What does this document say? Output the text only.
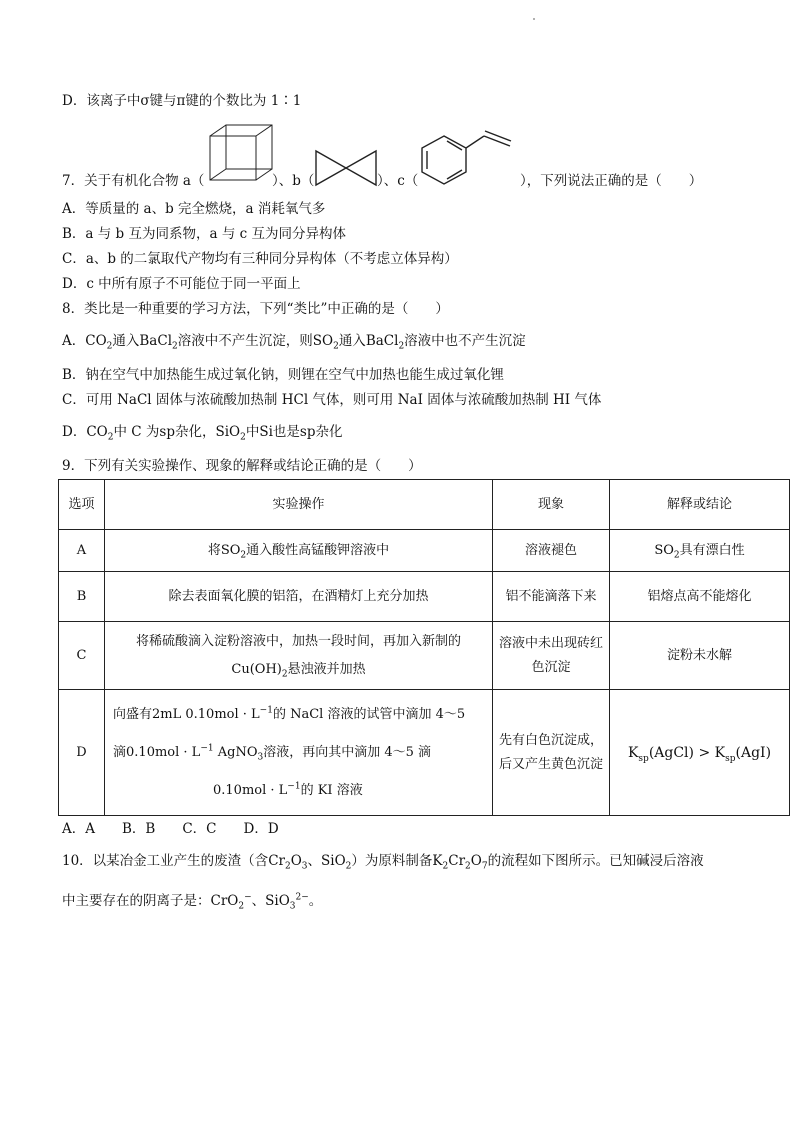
D．该离子中σ键与π键的个数比为 1∶1
7．关于有机化合物 a（	）、b（	）、c（	），下列说法正确的是（　　）
A．等质量的 a、b 完全燃烧，a 消耗氧气多
B．a 与 b 互为同系物，a 与 c 互为同分异构体
C．a、b 的二氯取代产物均有三种同分异构体（不考虑立体异构）
D．c 中所有原子不可能位于同一平面上
8．类比是一种重要的学习方法，下列“类比”中正确的是（　　）
A．$CO_2$通入BaCl$_2$溶液中不产生沉淀，则$SO_2$通入BaCl$_2$溶液中也不产生沉淀
B．钠在空气中加热能生成过氧化钠，则锂在空气中加热也能生成过氧化锂
C．可用 NaCl 固体与浓硫酸加热制 HCl 气体，则可用 NaI 固体与浓硫酸加热制 HI 气体
D．$CO_2$中 C 为sp杂化，SiO$_2$中Si也是sp杂化
9．下列有关实验操作、现象的解释或结论正确的是（　　）
选项	实验操作	现象	解释或结论
A	将$SO_2$通入酸性高锰酸钾溶液中	溶液褪色	$SO_2$具有漂白性
B	除去表面氧化膜的铝箔，在酒精灯上充分加热	铝不能滴落下来	铝熔点高不能熔化
C	将稀硫酸滴入淀粉溶液中，加热一段时间，再加入新制的
$Cu(OH)_2$悬浊液并加热	溶液中未出现砖红色沉淀	淀粉未水解
D	向盛有2mL $0.10mol \cdot L^{-1}$的 NaCl 溶液的试管中滴加 4～5
滴$0.10mol \cdot L^{-1}$ AgNO$_3$溶液，再向其中滴加 4～5 滴
$0.10mol \cdot L^{-1}$的 KI 溶液	先有白色沉淀成，后又产生黄色沉淀	$K_{sp}(AgCl) > K_{sp}(AgI)$
A．A　　B．B　　C．C　　D．D
10．以某冶金工业产生的废渣（含$Cr_2O_3$、SiO$_2$）为原料制备$K_2Cr_2O_7$的流程如下图所示。已知碱浸后溶液
中主要存在的阴离子是：CrO$_2$−、SiO$_3^{2-}$。
